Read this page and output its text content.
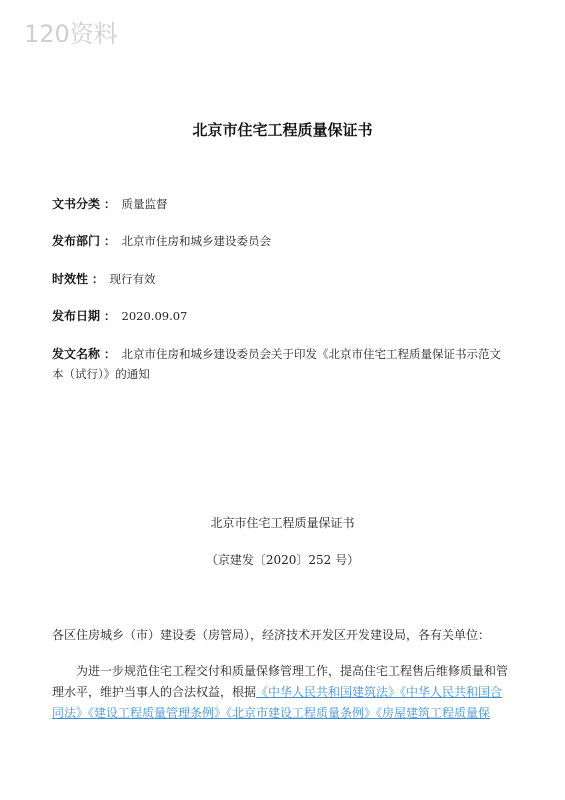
120资料
北京市住宅工程质量保证书
文书分类 ： 质量监督
发布部门 ： 北京市住房和城乡建设委员会
时效性 ： 现行有效
发布日期 ： 2020.09.07
发文名称 ： 北京市住房和城乡建设委员会关于印发《北京市住宅工程质量保证书示范文本（试行）》的通知
北京市住宅工程质量保证书
（京建发〔2020〕252 号）
各区住房城乡（市）建设委（房管局），经济技术开发区开发建设局，各有关单位：
为进一步规范住宅工程交付和质量保修管理工作，提高住宅工程售后维修质量和管理水平，维护当事人的合法权益，根据《中华人民共和国建筑法》《中华人民共和国合同法》《建设工程质量管理条例》《北京市建设工程质量条例》《房屋建筑工程质量保
